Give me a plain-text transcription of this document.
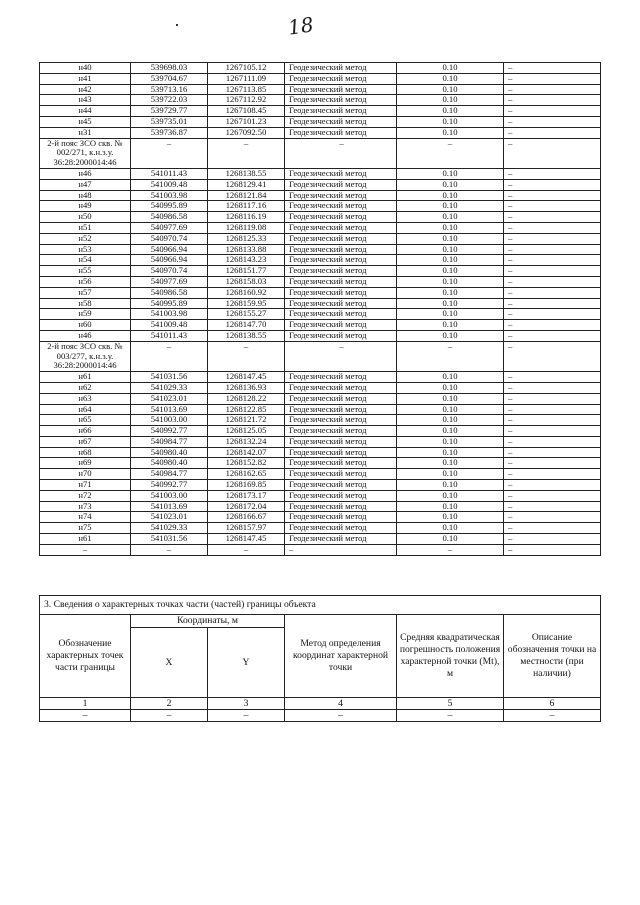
18
н40	539698.03	1267105.12	Геодезический метод	0.10	–
н41	539704.67	1267111.09	Геодезический метод	0.10	–
н42	539713.16	1267113.85	Геодезический метод	0.10	–
н43	539722.03	1267112.92	Геодезический метод	0.10	–
н44	539729.77	1267108.45	Геодезический метод	0.10	–
н45	539735.01	1267101.23	Геодезический метод	0.10	–
н31	539736.87	1267092.50	Геодезический метод	0.10	–
2-й пояс ЗСО скв. № 002/271, к.н.з.у. 36:28:2000014:46	–	–	–	–	–
н46	541011.43	1268138.55	Геодезический метод	0.10	–
н47	541009.48	1268129.41	Геодезический метод	0.10	–
н48	541003.98	1268121.84	Геодезический метод	0.10	–
н49	540995.89	1268117.16	Геодезический метод	0.10	–
н50	540986.58	1268116.19	Геодезический метод	0.10	–
н51	540977.69	1268119.08	Геодезический метод	0.10	–
н52	540970.74	1268125.33	Геодезический метод	0.10	–
н53	540966.94	1268133.88	Геодезический метод	0.10	–
н54	540966.94	1268143.23	Геодезический метод	0.10	–
н55	540970.74	1268151.77	Геодезический метод	0.10	–
н56	540977.69	1268158.03	Геодезический метод	0.10	–
н57	540986.58	1268160.92	Геодезический метод	0.10	–
н58	540995.89	1268159.95	Геодезический метод	0.10	–
н59	541003.98	1268155.27	Геодезический метод	0.10	–
н60	541009.48	1268147.70	Геодезический метод	0.10	–
н46	541011.43	1268138.55	Геодезический метод	0.10	–
2-й пояс ЗСО скв. № 003/277, к.н.з.у. 36:28:2000014:46	–	–	–	–	–
н61	541031.56	1268147.45	Геодезический метод	0.10	–
н62	541029.33	1268136.93	Геодезический метод	0.10	–
н63	541023.01	1268128.22	Геодезический метод	0.10	–
н64	541013.69	1268122.85	Геодезический метод	0.10	–
н65	541003.00	1268121.72	Геодезический метод	0.10	–
н66	540992.77	1268125.05	Геодезический метод	0.10	–
н67	540984.77	1268132.24	Геодезический метод	0.10	–
н68	540980.40	1268142.07	Геодезический метод	0.10	–
н69	540980.40	1268152.82	Геодезический метод	0.10	–
н70	540984.77	1268162.65	Геодезический метод	0.10	–
н71	540992.77	1268169.85	Геодезический метод	0.10	–
н72	541003.00	1268173.17	Геодезический метод	0.10	–
н73	541013.69	1268172.04	Геодезический метод	0.10	–
н74	541023.01	1268166.67	Геодезический метод	0.10	–
н75	541029.33	1268157.97	Геодезический метод	0.10	–
н61	541031.56	1268147.45	Геодезический метод	0.10	–
–	–	–	–	–	–
3. Сведения о характерных точках части (частей) границы объекта					
Обозначение характерных точек части границы	Координаты, м		Метод определения координат характерной точки	Средняя квадратическая погрешность положения характерной точки (Mt), м	Описание обозначения точки на местности (при наличии)
	X	Y			
1	2	3	4	5	6
–	–	–	–	–	–
